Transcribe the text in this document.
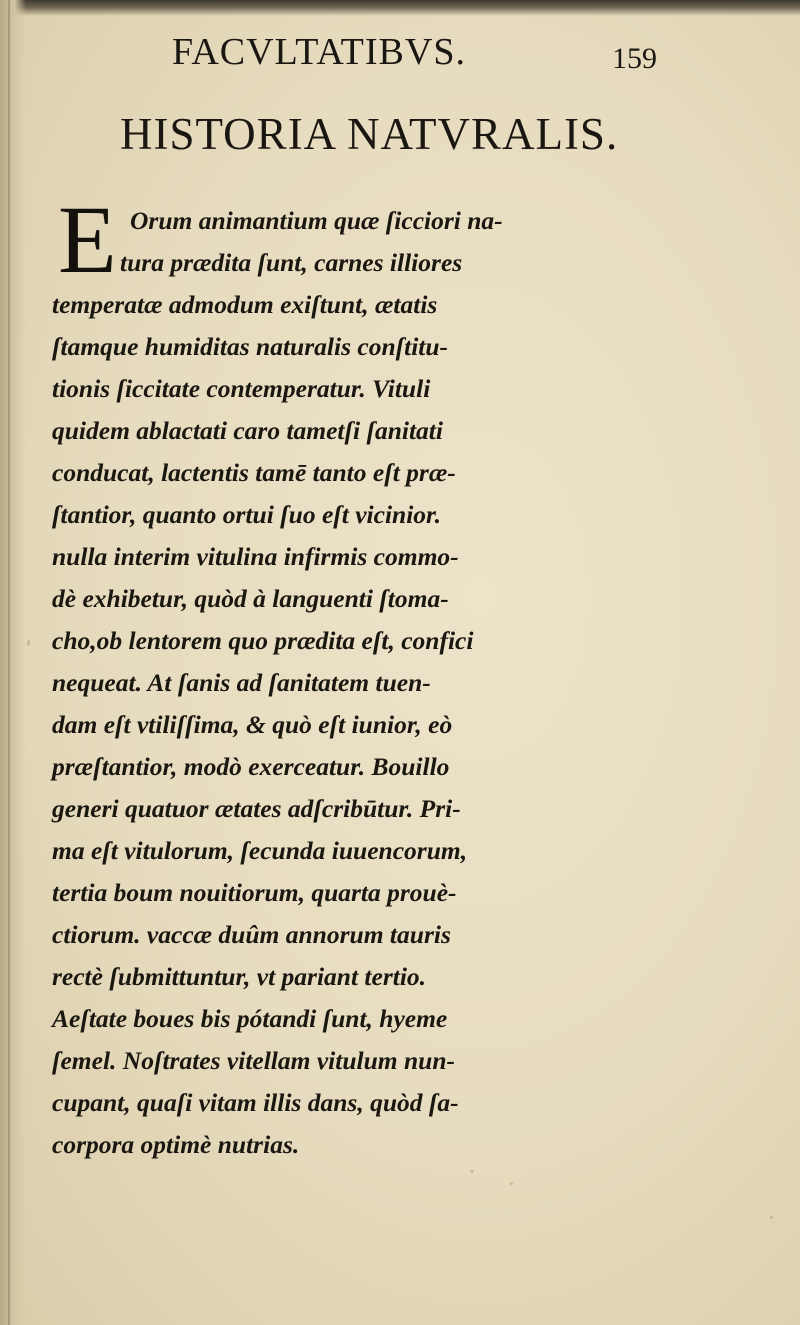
FACVLTATIBVS.	159
HISTORIA NATVRALIS.
E Orum animantium quæ ſicciori na-
tura prædita ſunt, carnes illiores
temperatæ admodum exiſtunt, ætatis
ſtamque humiditas naturalis conſtitu-
tionis ſiccitate contemperatur. Vituli
quidem ablactati caro tametſi ſanitati
conducat, lactentis tamē tanto eſt præ-
ſtantior, quanto ortui ſuo eſt vicinior.
nulla interim vitulina infirmis commo-
dè exhibetur, quòd à languenti ſtoma-
cho,ob lentorem quo prædita eſt, confici
nequeat. At ſanis ad ſanitatem tuen-
dam eſt vtiliſſima, & quò eſt iunior, eò
præſtantior, modò exerceatur. Bouillo
generi quatuor ætates adſcribūtur. Pri-
ma eſt vitulorum, ſecunda iuuencorum,
tertia boum nouitiorum, quarta prouè-
ctiorum. vaccæ duûm annorum tauris
rectè ſubmittuntur, vt pariant tertio.
Aeſtate boues bis pótandi ſunt, hyeme
ſemel. Noſtrates vitellam vitulum nun-
cupant, quaſi vitam illis dans, quòd ſa-
corpora optimè nutrias.
